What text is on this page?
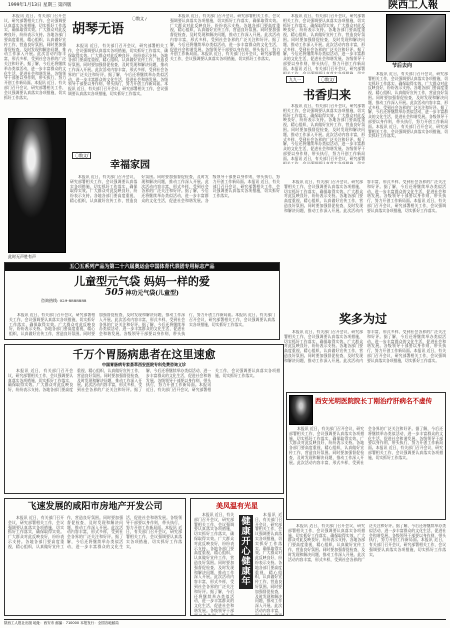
1999年1月13日 星期三 第四版	陕西工人報
本报讯 近日，有关部门召开会议，研究部署相关工作，会议强调要认真落实各项措施，切实抓好工作落实，确保取得实效。广大群众对此反映良好，纷纷表示支持。各地各部门要高度重视，精心组织，认真做好宣传工作，营造良好氛围。同时要加强督促检查，及时发现和解决问题，推动工作深入开展。此次活动内容丰富，形式多样，受到社会各界的广泛关注和好评。据了解，今后还将继续举办类似活动，进一步丰富群众的文化生活，促进社会和谐发展。各级领导干部要以身作则，带头执行，努力开创工作新局面。本报讯 近日，有关部门召开会议，研究部署相关工作，会议强调要认真落实各项措施，切实抓好工作落实。
胡琴无语
〇散文 /
本报讯 近日，有关部门召开会议，研究部署相关工作，会议强调要认真落实各项措施，切实抓好工作落实，确保取得实效。广大群众对此反映良好，纷纷表示支持。各地各部门要高度重视，精心组织，认真做好宣传工作，营造良好氛围。同时要加强督促检查，及时发现和解决问题，推动工作深入开展。此次活动内容丰富，形式多样，受到社会各界的广泛关注和好评。据了解，今后还将继续举办类似活动，进一步丰富群众的文化生活，促进社会和谐发展。各级领导干部要以身作则，带头执行，努力开创工作新局面。本报讯 近日，有关部门召开会议，研究部署相关工作，会议强调要认真落实各项措施，切实抓好工作落实。
本报讯 近日，有关部门召开会议，研究部署相关工作，会议强调要认真落实各项措施，切实抓好工作落实，确保取得实效。广大群众对此反映良好，纷纷表示支持。各地各部门要高度重视，精心组织，认真做好宣传工作，营造良好氛围。同时要加强督促检查，及时发现和解决问题，推动工作深入开展。此次活动内容丰富，形式多样，受到社会各界的广泛关注和好评。据了解，今后还将继续举办类似活动，进一步丰富群众的文化生活，促进社会和谐发展。各级领导干部要以身作则，带头执行，努力开创工作新局面。本报讯 近日，有关部门召开会议，研究部署相关工作，会议强调要认真落实各项措施，切实抓好工作落实。
本报讯 近日，有关部门召开会议，研究部署相关工作，会议强调要认真落实各项措施，切实抓好工作落实，确保取得实效。广大群众对此反映良好，纷纷表示支持。各地各部门要高度重视，精心组织，认真做好宣传工作，营造良好氛围。同时要加强督促检查，及时发现和解决问题，推动工作深入开展。此次活动内容丰富，形式多样，受到社会各界的广泛关注和好评。据了解，今后还将继续举办类似活动，进一步丰富群众的文化生活，促进社会和谐发展。各级领导干部要以身作则，带头执行，努力开创工作新局面。本报讯 近日，有关部门召开会议，研究部署相关工作，会议强调要认真落实各项措施，切实抓好工作落实。
九九一	〇散文/
书香归来
本报讯 近日，有关部门召开会议，研究部署相关工作，会议强调要认真落实各项措施，切实抓好工作落实，确保取得实效。广大群众对此反映良好，纷纷表示支持。各地各部门要高度重视，精心组织，认真做好宣传工作，营造良好氛围。同时要加强督促检查，及时发现和解决问题，推动工作深入开展。此次活动内容丰富，形式多样，受到社会各界的广泛关注和好评。据了解，今后还将继续举办类似活动，进一步丰富群众的文化生活，促进社会和谐发展。各级领导干部要以身作则，带头执行，努力开创工作新局面。本报讯 近日，有关部门召开会议，研究部署相关工作，会议强调要认真落实各项措施，切实抓好工作落实。
节后去向
本报讯 近日，有关部门召开会议，研究部署相关工作，会议强调要认真落实各项措施，切实抓好工作落实，确保取得实效。广大群众对此反映良好，纷纷表示支持。各地各部门要高度重视，精心组织，认真做好宣传工作，营造良好氛围。同时要加强督促检查，及时发现和解决问题，推动工作深入开展。此次活动内容丰富，形式多样，受到社会各界的广泛关注和好评。据了解，今后还将继续举办类似活动，进一步丰富群众的文化生活，促进社会和谐发展。各级领导干部要以身作则，带头执行，努力开创工作新局面。本报讯 近日，有关部门召开会议，研究部署相关工作，会议强调要认真落实各项措施，切实抓好工作落实。
此时无声胜有声
〇散文/
幸福家园
本报讯 近日，有关部门召开会议，研究部署相关工作，会议强调要认真落实各项措施，切实抓好工作落实，确保取得实效。广大群众对此反映良好，纷纷表示支持。各地各部门要高度重视，精心组织，认真做好宣传工作，营造良好氛围。同时要加强督促检查，及时发现和解决问题，推动工作深入开展。此次活动内容丰富，形式多样，受到社会各界的广泛关注和好评。据了解，今后还将继续举办类似活动，进一步丰富群众的文化生活，促进社会和谐发展。各级领导干部要以身作则，带头执行，努力开创工作新局面。本报讯 近日，有关部门召开会议，研究部署相关工作，会议强调要认真落实各项措施，切实抓好工作落实。
五〇五系列产品为第二十六届奥运会中国体育代表团专用标志产品
儿童型元气袋 妈妈一样的爱
505 神功元气袋(儿童型)
咨询热线: 029-8888888
本报讯 近日，有关部门召开会议，研究部署相关工作，会议强调要认真落实各项措施，切实抓好工作落实，确保取得实效。广大群众对此反映良好，纷纷表示支持。各地各部门要高度重视，精心组织，认真做好宣传工作，营造良好氛围。同时要加强督促检查，及时发现和解决问题，推动工作深入开展。此次活动内容丰富，形式多样，受到社会各界的广泛关注和好评。据了解，今后还将继续举办类似活动，进一步丰富群众的文化生活，促进社会和谐发展。各级领导干部要以身作则，带头执行，努力开创工作新局面。本报讯 近日，有关部门召开会议，研究部署相关工作，会议强调要认真落实各项措施，切实抓好工作落实。
本报讯 近日，有关部门召开会议，研究部署相关工作，会议强调要认真落实各项措施，切实抓好工作落实，确保取得实效。广大群众对此反映良好，纷纷表示支持。各地各部门要高度重视，精心组织，认真做好宣传工作，营造良好氛围。同时要加强督促检查，及时发现和解决问题，推动工作深入开展。此次活动内容丰富，形式多样，受到社会各界的广泛关注和好评。据了解，今后还将继续举办类似活动，进一步丰富群众的文化生活，促进社会和谐发展。各级领导干部要以身作则，带头执行，努力开创工作新局面。本报讯 近日，有关部门召开会议，研究部署相关工作，会议强调要认真落实各项措施，切实抓好工作落实。
奖多为过
本报讯 近日，有关部门召开会议，研究部署相关工作，会议强调要认真落实各项措施，切实抓好工作落实，确保取得实效。广大群众对此反映良好，纷纷表示支持。各地各部门要高度重视，精心组织，认真做好宣传工作，营造良好氛围。同时要加强督促检查，及时发现和解决问题，推动工作深入开展。此次活动内容丰富，形式多样，受到社会各界的广泛关注和好评。据了解，今后还将继续举办类似活动，进一步丰富群众的文化生活，促进社会和谐发展。各级领导干部要以身作则，带头执行，努力开创工作新局面。本报讯 近日，有关部门召开会议，研究部署相关工作，会议强调要认真落实各项措施，切实抓好工作落实。
千万个胃肠病患者在这里速愈
中国胃肠病专家荟萃西安医院专科免费咨询义诊
本报讯 近日，有关部门召开会议，研究部署相关工作，会议强调要认真落实各项措施，切实抓好工作落实，确保取得实效。广大群众对此反映良好，纷纷表示支持。各地各部门要高度重视，精心组织，认真做好宣传工作，营造良好氛围。同时要加强督促检查，及时发现和解决问题，推动工作深入开展。此次活动内容丰富，形式多样，受到社会各界的广泛关注和好评。据了解，今后还将继续举办类似活动，进一步丰富群众的文化生活，促进社会和谐发展。各级领导干部要以身作则，带头执行，努力开创工作新局面。本报讯 近日，有关部门召开会议，研究部署相关工作，会议强调要认真落实各项措施，切实抓好工作落实。
西安光明医院院长丁刚治疗肝病名不虚传
本报讯 近日，有关部门召开会议，研究部署相关工作，会议强调要认真落实各项措施，切实抓好工作落实，确保取得实效。广大群众对此反映良好，纷纷表示支持。各地各部门要高度重视，精心组织，认真做好宣传工作，营造良好氛围。同时要加强督促检查，及时发现和解决问题，推动工作深入开展。此次活动内容丰富，形式多样，受到社会各界的广泛关注和好评。据了解，今后还将继续举办类似活动，进一步丰富群众的文化生活，促进社会和谐发展。各级领导干部要以身作则，带头执行，努力开创工作新局面。本报讯 近日，有关部门召开会议，研究部署相关工作，会议强调要认真落实各项措施，切实抓好工作落实。
飞速发展的咸阳市房地产开发公司
本报讯 近日，有关部门召开会议，研究部署相关工作，会议强调要认真落实各项措施，切实抓好工作落实，确保取得实效。广大群众对此反映良好，纷纷表示支持。各地各部门要高度重视，精心组织，认真做好宣传工作，营造良好氛围。同时要加强督促检查，及时发现和解决问题，推动工作深入开展。此次活动内容丰富，形式多样，受到社会各界的广泛关注和好评。据了解，今后还将继续举办类似活动，进一步丰富群众的文化生活，促进社会和谐发展。各级领导干部要以身作则，带头执行，努力开创工作新局面。本报讯 近日，有关部门召开会议，研究部署相关工作，会议强调要认真落实各项措施，切实抓好工作落实。	美凤温有光星
本报讯 近日，有关部门召开会议，研究部署相关工作，会议强调要认真落实各项措施，切实抓好工作落实，确保取得实效。广大群众对此反映良好，纷纷表示支持。各地各部门要高度重视，精心组织，认真做好宣传工作，营造良好氛围。同时要加强督促检查，及时发现和解决问题，推动工作深入开展。此次活动内容丰富，形式多样，受到社会各界的广泛关注和好评。据了解，今后还将继续举办类似活动，进一步丰富群众的文化生活，促进社会和谐发展。各级领导干部要以身作则，带头执行，努力开创工作新局面。本报讯 近日，有关部门召开会议，研究部署相关工作，会议强调要认真落实各项措施，切实抓好工作落实。
健康开心 健康年
本报讯 近日，有关部门召开会议，研究部署相关工作，会议强调要认真落实各项措施，切实抓好工作落实，确保取得实效。广大群众对此反映良好，纷纷表示支持。各地各部门要高度重视，精心组织，认真做好宣传工作，营造良好氛围。同时要加强督促检查，及时发现和解决问题，推动工作深入开展。此次活动内容丰富，形式多样，受到社会各界的广泛关注和好评。据了解，今后还将继续举办类似活动，进一步丰富群众的文化生活，促进社会和谐发展。各级领导干部要以身作则，带头执行，努力开创工作新局面。本报讯 近日，有关部门召开会议，研究部署相关工作，会议强调要认真落实各项措施，切实抓好工作落实。
本报讯 近日，有关部门召开会议，研究部署相关工作，会议强调要认真落实各项措施，切实抓好工作落实，确保取得实效。广大群众对此反映良好，纷纷表示支持。各地各部门要高度重视，精心组织，认真做好宣传工作，营造良好氛围。同时要加强督促检查，及时发现和解决问题，推动工作深入开展。此次活动内容丰富，形式多样，受到社会各界的广泛关注和好评。据了解，今后还将继续举办类似活动，进一步丰富群众的文化生活，促进社会和谐发展。各级领导干部要以身作则，带头执行，努力开创工作新局面。本报讯 近日，有关部门召开会议，研究部署相关工作，会议强调要认真落实各项措施，切实抓好工作落实。
陕西工人报社出版 地址：西安市 邮编：710000 本报发行：全国各地邮局
